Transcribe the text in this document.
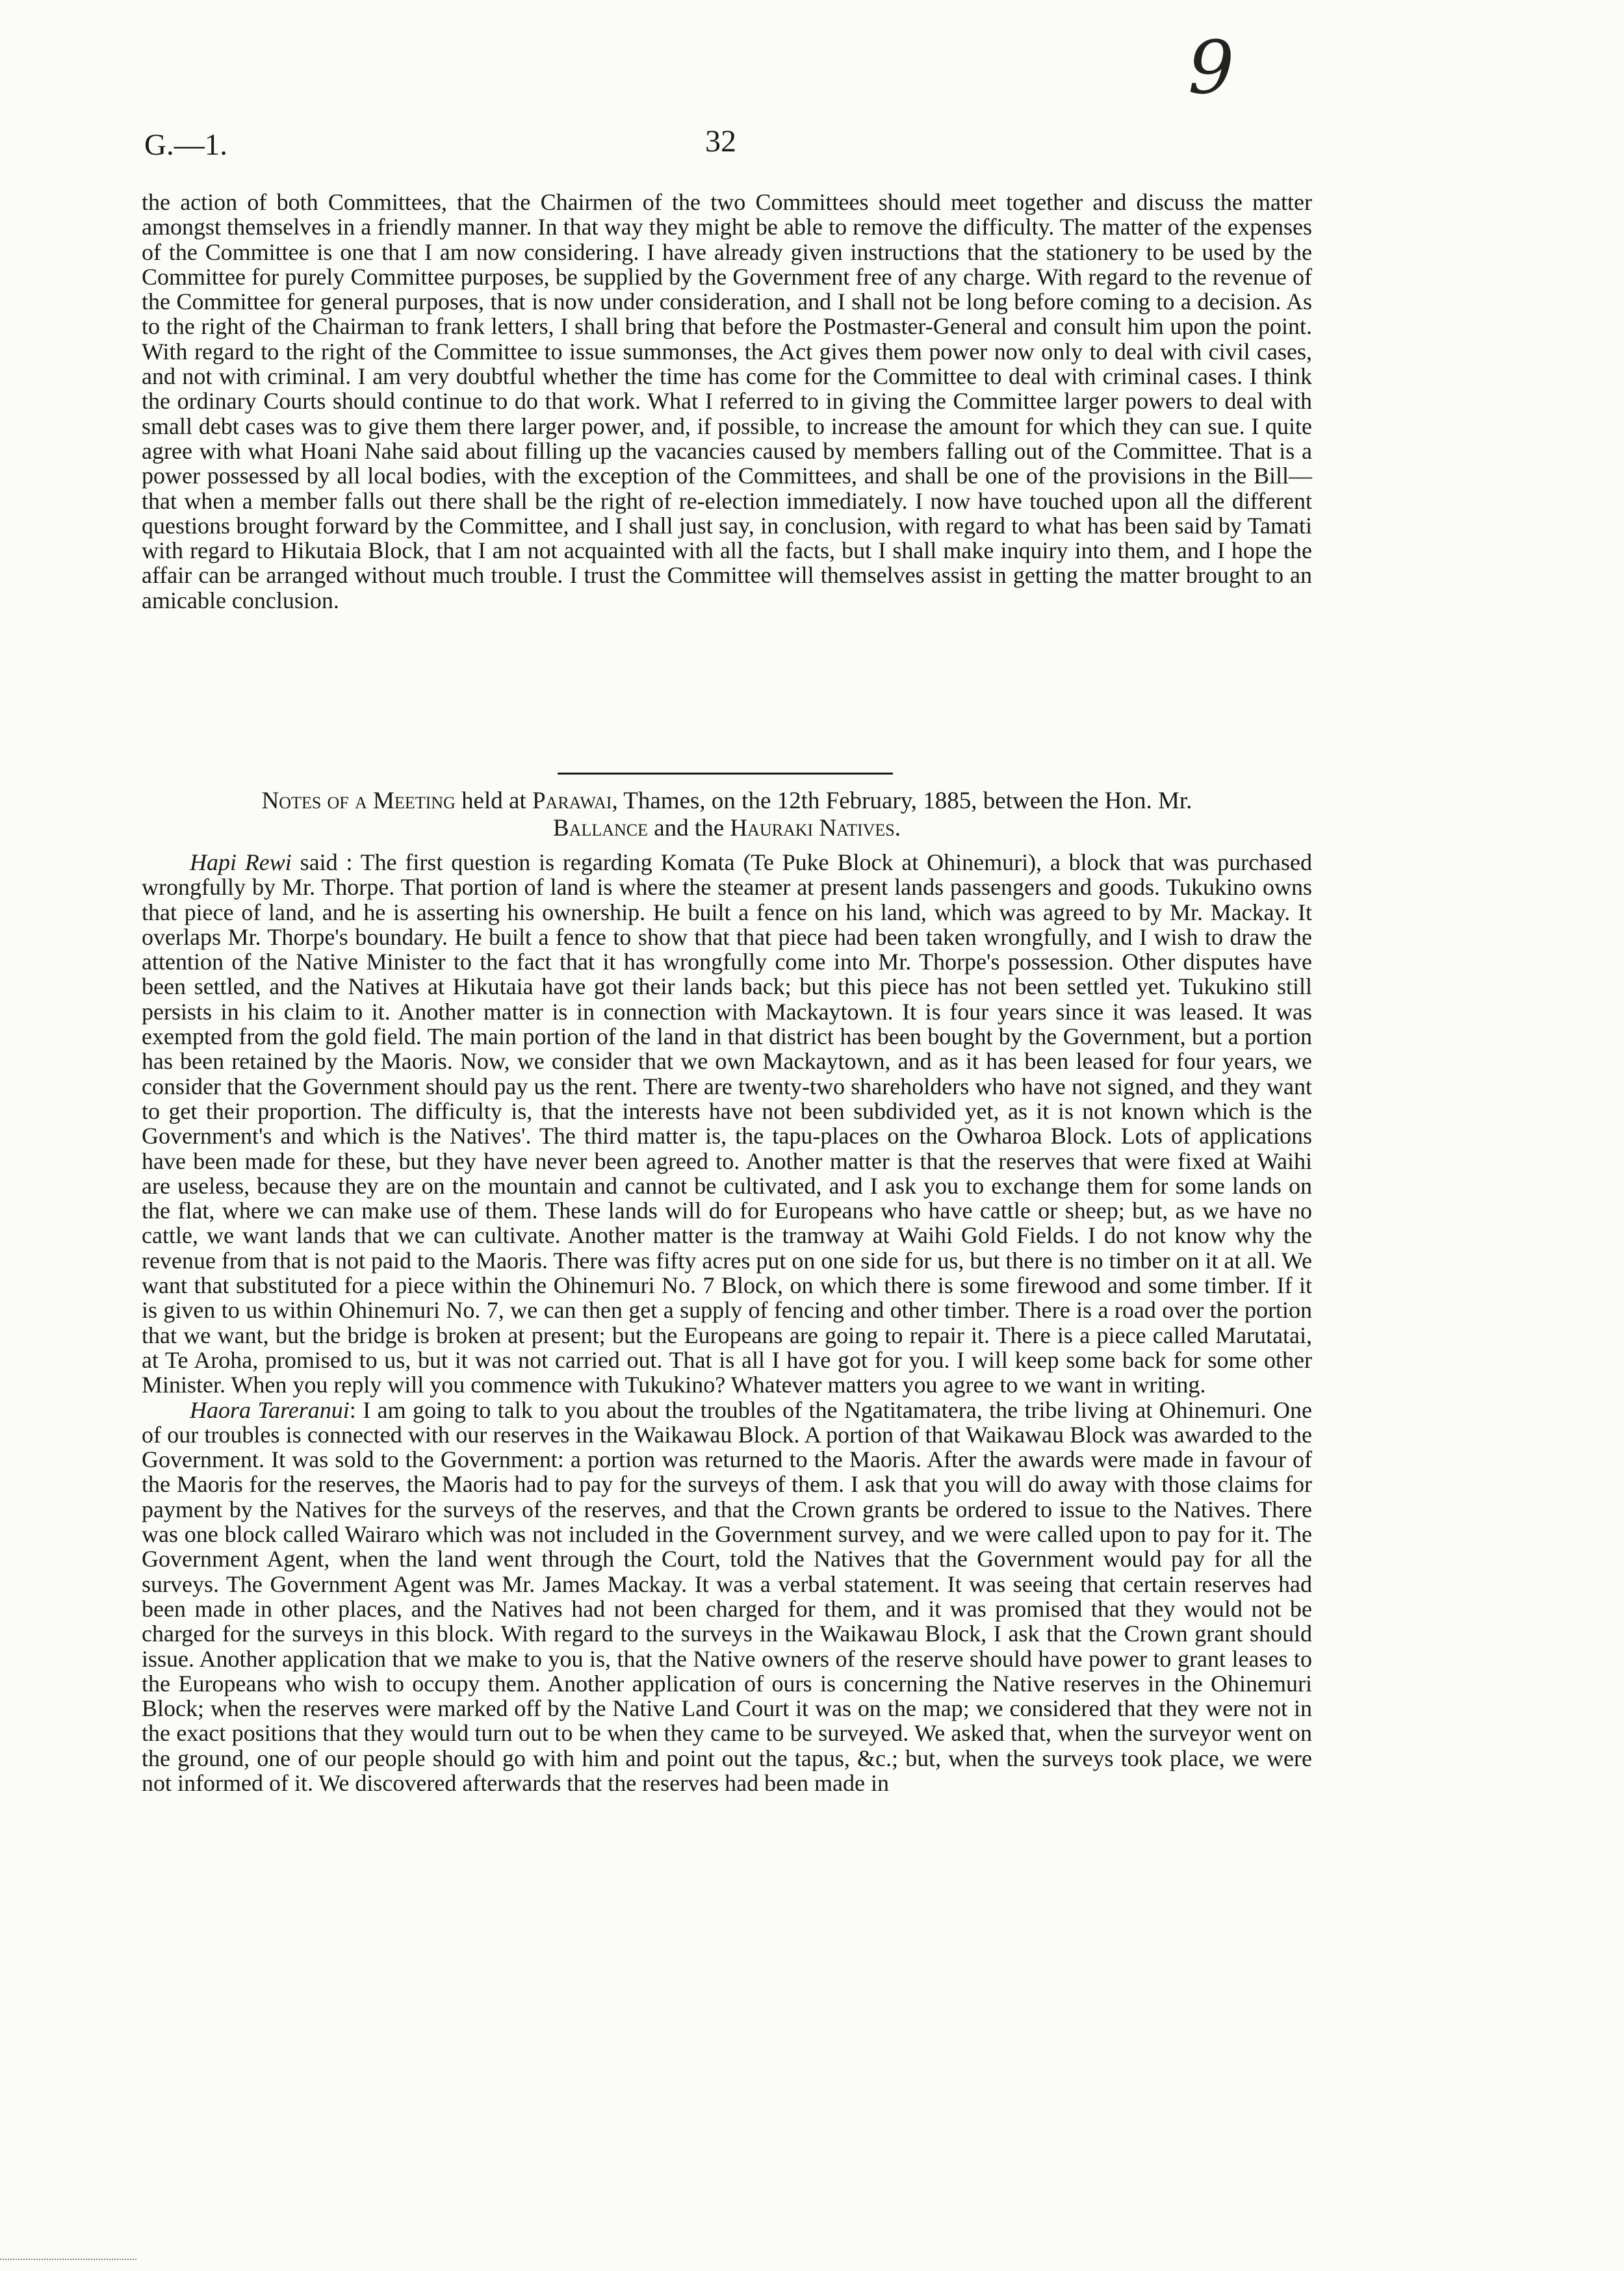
9
G.—1.	32

the action of both Committees, that the Chairmen of the two Committees should meet together and discuss the matter amongst themselves in a friendly manner. In that way they might be able to remove the difficulty. The matter of the expenses of the Committee is one that I am now considering. I have already given instructions that the stationery to be used by the Committee for purely Committee purposes, be supplied by the Government free of any charge. With regard to the revenue of the Committee for general purposes, that is now under consideration, and I shall not be long before coming to a decision. As to the right of the Chairman to frank letters, I shall bring that before the Postmaster-General and consult him upon the point. With regard to the right of the Committee to issue summonses, the Act gives them power now only to deal with civil cases, and not with criminal. I am very doubtful whether the time has come for the Committee to deal with criminal cases. I think the ordinary Courts should continue to do that work. What I referred to in giving the Committee larger powers to deal with small debt cases was to give them there larger power, and, if possible, to increase the amount for which they can sue. I quite agree with what Hoani Nahe said about filling up the vacancies caused by members falling out of the Committee. That is a power possessed by all local bodies, with the exception of the Committees, and shall be one of the provisions in the Bill—that when a member falls out there shall be the right of re-election immediately. I now have touched upon all the different questions brought forward by the Committee, and I shall just say, in conclusion, with regard to what has been said by Tamati with regard to Hikutaia Block, that I am not acquainted with all the facts, but I shall make inquiry into them, and I hope the affair can be arranged without much trouble. I trust the Committee will themselves assist in getting the matter brought to an amicable conclusion.

Notes of a Meeting held at Parawai, Thames, on the 12th February, 1885, between the Hon. Mr.
Ballance and the Hauraki Natives.

Hapi Rewi said : The first question is regarding Komata (Te Puke Block at Ohinemuri), a block that was purchased wrongfully by Mr. Thorpe. That portion of land is where the steamer at present lands passengers and goods. Tukukino owns that piece of land, and he is asserting his ownership. He built a fence on his land, which was agreed to by Mr. Mackay. It overlaps Mr. Thorpe's boundary. He built a fence to show that that piece had been taken wrongfully, and I wish to draw the attention of the Native Minister to the fact that it has wrongfully come into Mr. Thorpe's possession. Other disputes have been settled, and the Natives at Hikutaia have got their lands back; but this piece has not been settled yet. Tukukino still persists in his claim to it. Another matter is in connection with Mackaytown. It is four years since it was leased. It was exempted from the gold field. The main portion of the land in that district has been bought by the Government, but a portion has been retained by the Maoris. Now, we consider that we own Mackaytown, and as it has been leased for four years, we consider that the Government should pay us the rent. There are twenty-two shareholders who have not signed, and they want to get their proportion. The difficulty is, that the interests have not been subdivided yet, as it is not known which is the Government's and which is the Natives'. The third matter is, the tapu-places on the Owharoa Block. Lots of applications have been made for these, but they have never been agreed to. Another matter is that the reserves that were fixed at Waihi are useless, because they are on the mountain and cannot be cultivated, and I ask you to exchange them for some lands on the flat, where we can make use of them. These lands will do for Europeans who have cattle or sheep; but, as we have no cattle, we want lands that we can cultivate. Another matter is the tramway at Waihi Gold Fields. I do not know why the revenue from that is not paid to the Maoris. There was fifty acres put on one side for us, but there is no timber on it at all. We want that substituted for a piece within the Ohinemuri No. 7 Block, on which there is some firewood and some timber. If it is given to us within Ohinemuri No. 7, we can then get a supply of fencing and other timber. There is a road over the portion that we want, but the bridge is broken at present; but the Europeans are going to repair it. There is a piece called Marutatai, at Te Aroha, promised to us, but it was not carried out. That is all I have got for you. I will keep some back for some other Minister. When you reply will you commence with Tukukino? Whatever matters you agree to we want in writing.

Haora Tareranui: I am going to talk to you about the troubles of the Ngatitamatera, the tribe living at Ohinemuri. One of our troubles is connected with our reserves in the Waikawau Block. A portion of that Waikawau Block was awarded to the Government. It was sold to the Government: a portion was returned to the Maoris. After the awards were made in favour of the Maoris for the reserves, the Maoris had to pay for the surveys of them. I ask that you will do away with those claims for payment by the Natives for the surveys of the reserves, and that the Crown grants be ordered to issue to the Natives. There was one block called Wairaro which was not included in the Government survey, and we were called upon to pay for it. The Government Agent, when the land went through the Court, told the Natives that the Government would pay for all the surveys. The Government Agent was Mr. James Mackay. It was a verbal statement. It was seeing that certain reserves had been made in other places, and the Natives had not been charged for them, and it was promised that they would not be charged for the surveys in this block. With regard to the surveys in the Waikawau Block, I ask that the Crown grant should issue. Another application that we make to you is, that the Native owners of the reserve should have power to grant leases to the Europeans who wish to occupy them. Another application of ours is concerning the Native reserves in the Ohinemuri Block; when the reserves were marked off by the Native Land Court it was on the map; we considered that they were not in the exact positions that they would turn out to be when they came to be surveyed. We asked that, when the surveyor went on the ground, one of our people should go with him and point out the tapus, &c.; but, when the surveys took place, we were not informed of it. We discovered afterwards that the reserves had been made in
